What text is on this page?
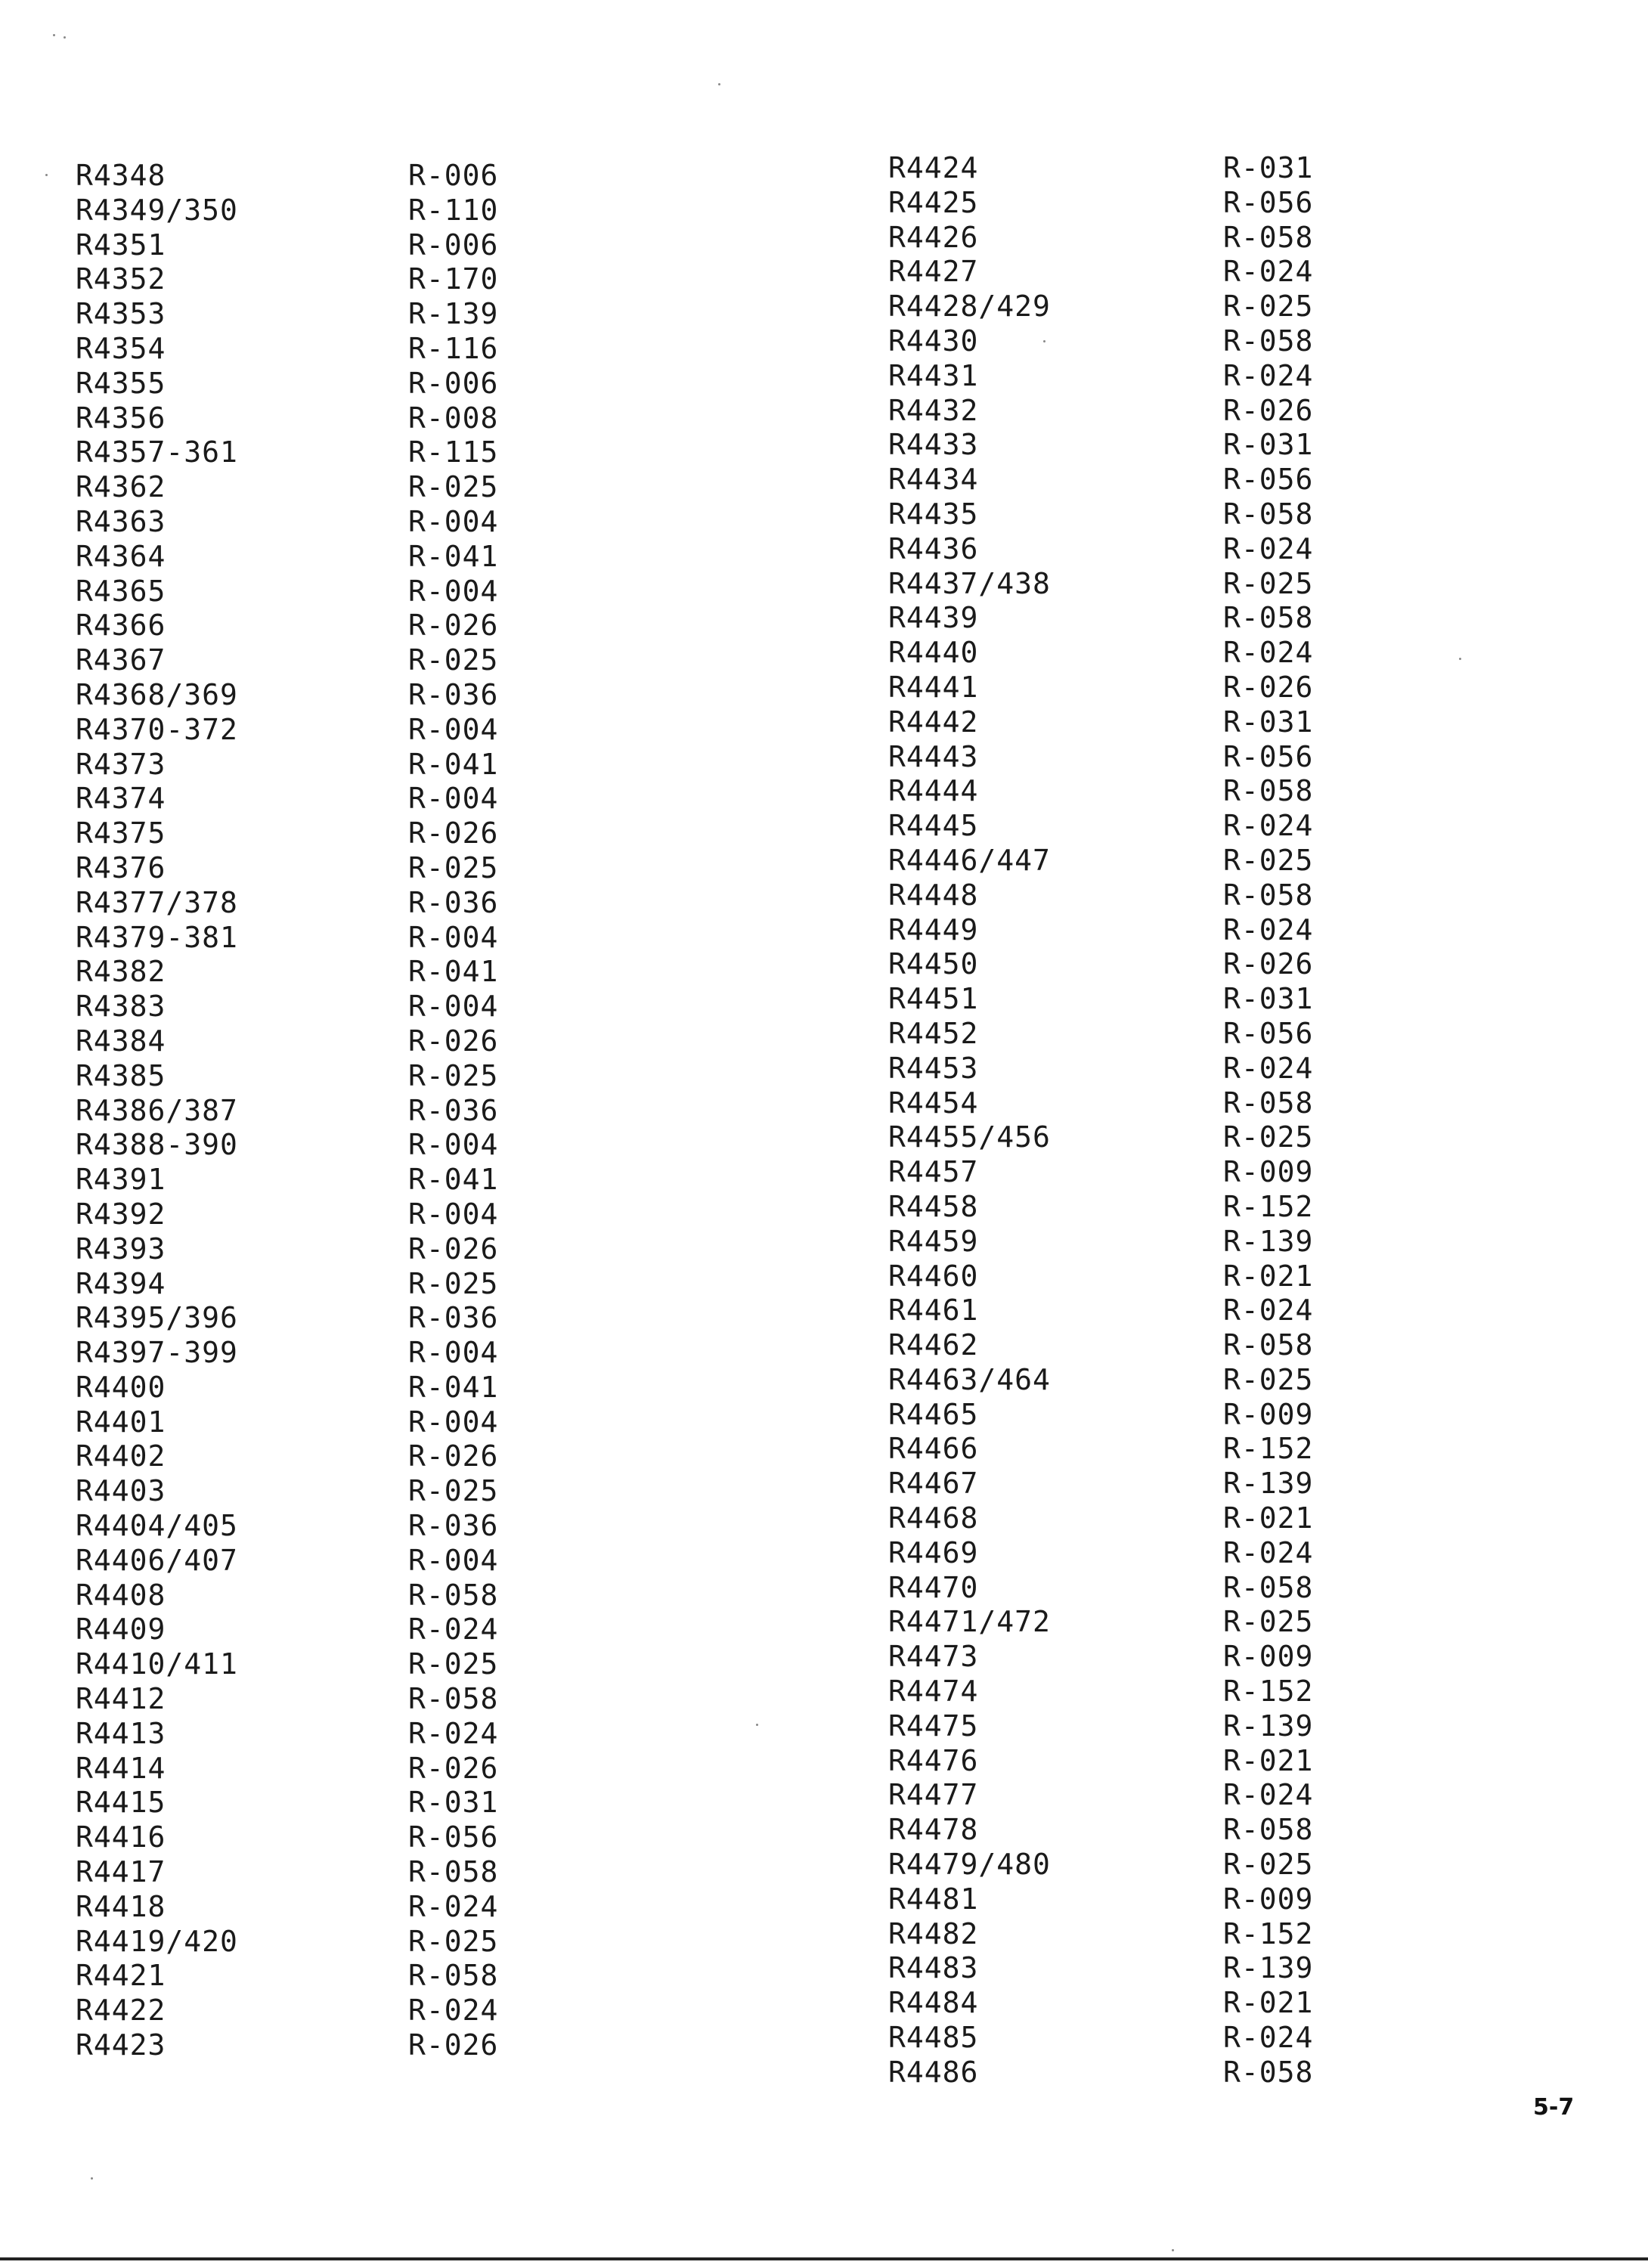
R4348
R4349/350
R4351
R4352
R4353
R4354
R4355
R4356
R4357-361
R4362
R4363
R4364
R4365
R4366
R4367
R4368/369
R4370-372
R4373
R4374
R4375
R4376
R4377/378
R4379-381
R4382
R4383
R4384
R4385
R4386/387
R4388-390
R4391
R4392
R4393
R4394
R4395/396
R4397-399
R4400
R4401
R4402
R4403
R4404/405
R4406/407
R4408
R4409
R4410/411
R4412
R4413
R4414
R4415
R4416
R4417
R4418
R4419/420
R4421
R4422
R4423
R-006
R-110
R-006
R-170
R-139
R-116
R-006
R-008
R-115
R-025
R-004
R-041
R-004
R-026
R-025
R-036
R-004
R-041
R-004
R-026
R-025
R-036
R-004
R-041
R-004
R-026
R-025
R-036
R-004
R-041
R-004
R-026
R-025
R-036
R-004
R-041
R-004
R-026
R-025
R-036
R-004
R-058
R-024
R-025
R-058
R-024
R-026
R-031
R-056
R-058
R-024
R-025
R-058
R-024
R-026
R4424
R4425
R4426
R4427
R4428/429
R4430
R4431
R4432
R4433
R4434
R4435
R4436
R4437/438
R4439
R4440
R4441
R4442
R4443
R4444
R4445
R4446/447
R4448
R4449
R4450
R4451
R4452
R4453
R4454
R4455/456
R4457
R4458
R4459
R4460
R4461
R4462
R4463/464
R4465
R4466
R4467
R4468
R4469
R4470
R4471/472
R4473
R4474
R4475
R4476
R4477
R4478
R4479/480
R4481
R4482
R4483
R4484
R4485
R4486
R-031
R-056
R-058
R-024
R-025
R-058
R-024
R-026
R-031
R-056
R-058
R-024
R-025
R-058
R-024
R-026
R-031
R-056
R-058
R-024
R-025
R-058
R-024
R-026
R-031
R-056
R-024
R-058
R-025
R-009
R-152
R-139
R-021
R-024
R-058
R-025
R-009
R-152
R-139
R-021
R-024
R-058
R-025
R-009
R-152
R-139
R-021
R-024
R-058
R-025
R-009
R-152
R-139
R-021
R-024
R-058
5-7
